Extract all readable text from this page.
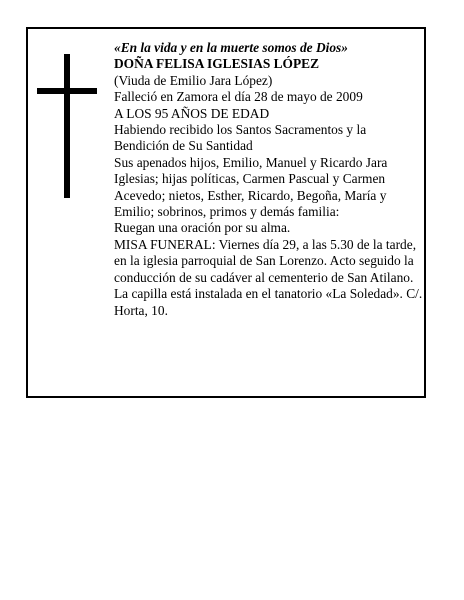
«En la vida y en la muerte somos de Dios»

DOÑA FELISA IGLESIAS LÓPEZ

(Viuda de Emilio Jara López)

Falleció en Zamora el día 28 de mayo de 2009

A LOS 95 AÑOS DE EDAD

Habiendo recibido los Santos Sacramentos y la Bendición de Su Santidad

Sus apenados hijos, Emilio, Manuel y Ricardo Jara Iglesias; hijas políticas, Carmen Pascual y Carmen Acevedo; nietos, Esther, Ricardo, Begoña, María y Emilio; sobrinos, primos y demás familia:

Ruegan una oración por su alma.

MISA FUNERAL: Viernes día 29, a las 5.30 de la tarde, en la iglesia parroquial de San Lorenzo. Acto seguido la conducción de su cadáver al cementerio de San Atilano.

La capilla está instalada en el tanatorio «La Soledad». C/. Horta, 10.
